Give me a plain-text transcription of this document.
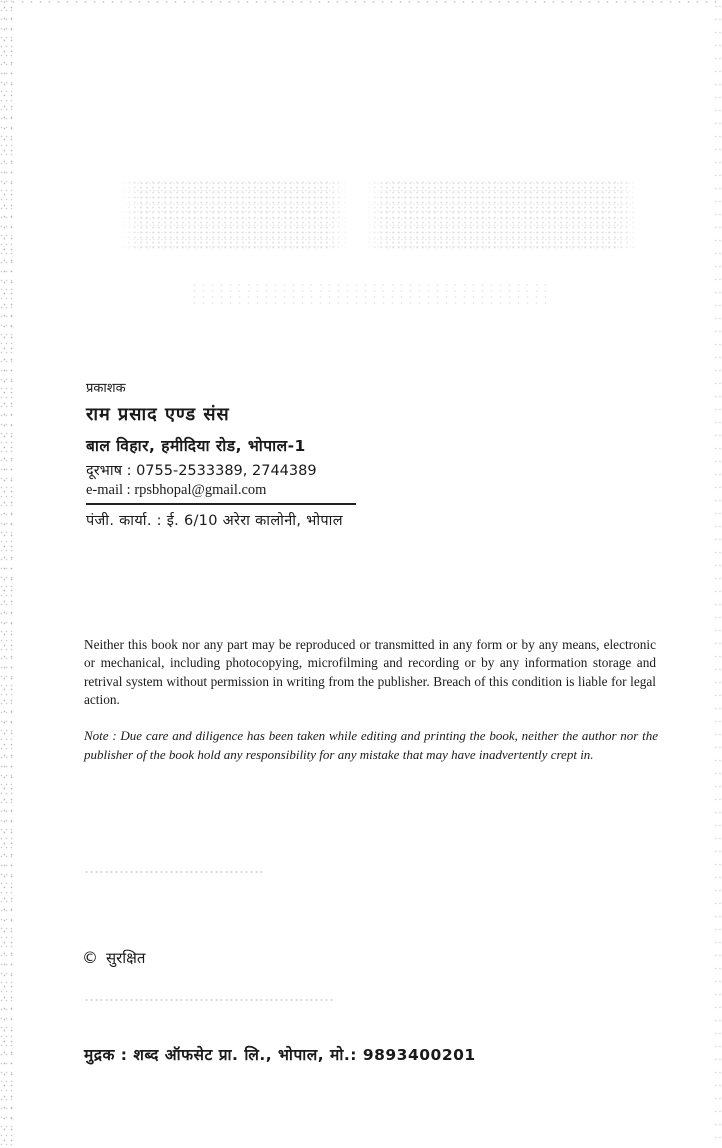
प्रकाशक
राम प्रसाद एण्ड संस
बाल विहार, हमीदिया रोड, भोपाल-1
दूरभाष : 0755-2533389, 2744389
e-mail : rpsbhopal@gmail.com
पंजी. कार्या. : ई. 6/10 अरेरा कालोनी, भोपाल
Neither this book nor any part may be reproduced or transmitted in any form or by any means, electronic or mechanical, including photocopying, microfilming and recording or by any information storage and retrival system without permission in writing from the publisher. Breach of this condition is liable for legal action.
Note : Due care and diligence has been taken while editing and printing the book, neither the author nor the publisher of the book hold any responsibility for any mistake that may have inadvertently crept in.
© सुरक्षित
मुद्रक : शब्द ऑफसेट प्रा. लि., भोपाल, मो.: 9893400201
